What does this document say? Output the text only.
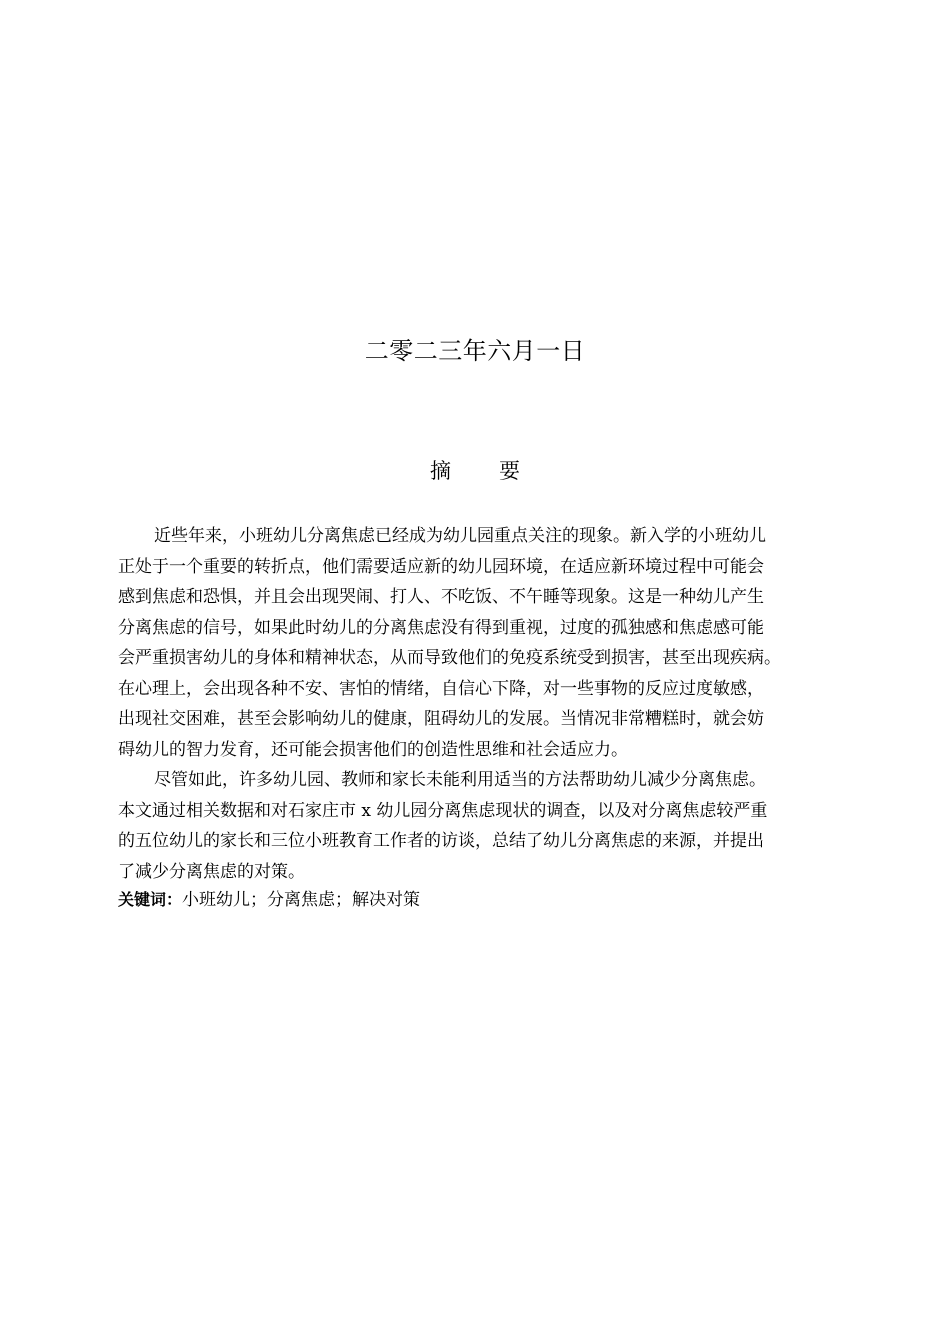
二零二三年六月一日
摘要
近些年来，小班幼儿分离焦虑已经成为幼儿园重点关注的现象。新入学的小班幼儿
正处于一个重要的转折点，他们需要适应新的幼儿园环境，在适应新环境过程中可能会
感到焦虑和恐惧，并且会出现哭闹、打人、不吃饭、不午睡等现象。这是一种幼儿产生
分离焦虑的信号，如果此时幼儿的分离焦虑没有得到重视，过度的孤独感和焦虑感可能
会严重损害幼儿的身体和精神状态，从而导致他们的免疫系统受到损害，甚至出现疾病。
在心理上，会出现各种不安、害怕的情绪，自信心下降，对一些事物的反应过度敏感，
出现社交困难，甚至会影响幼儿的健康，阻碍幼儿的发展。当情况非常糟糕时，就会妨
碍幼儿的智力发育，还可能会损害他们的创造性思维和社会适应力。
尽管如此，许多幼儿园、教师和家长未能利用适当的方法帮助幼儿减少分离焦虑。
本文通过相关数据和对石家庄市 x 幼儿园分离焦虑现状的调查，以及对分离焦虑较严重
的五位幼儿的家长和三位小班教育工作者的访谈，总结了幼儿分离焦虑的来源，并提出
了减少分离焦虑的对策。
关键词：小班幼儿；分离焦虑；解决对策
